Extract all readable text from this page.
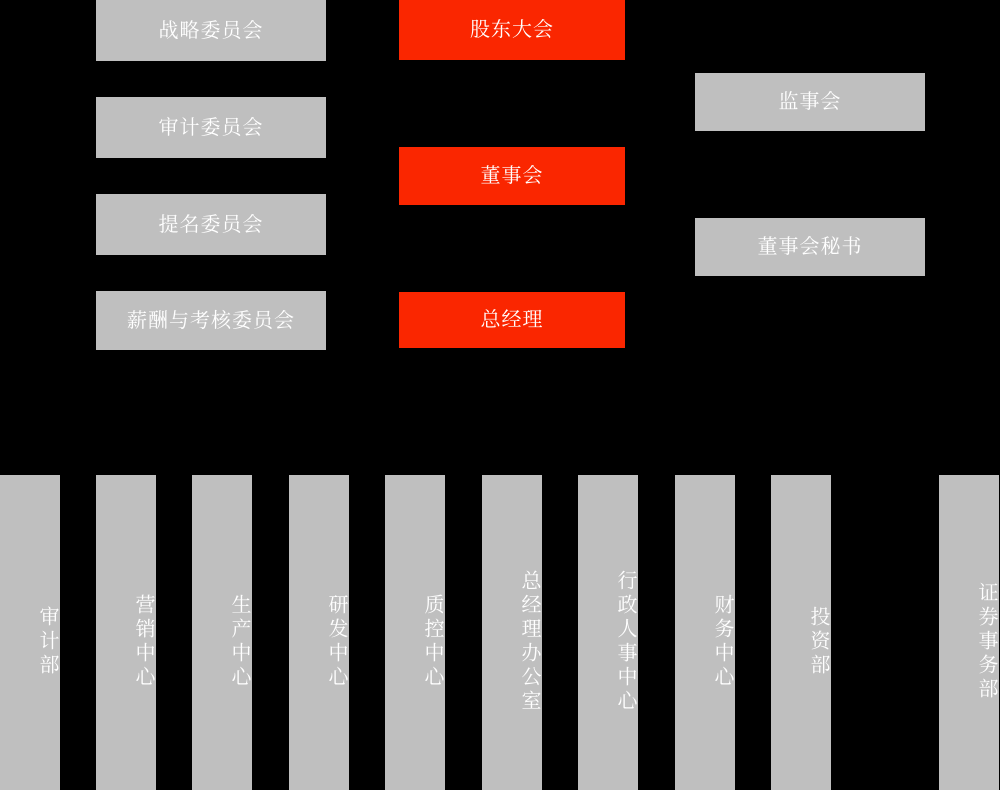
战略委员会
审计委员会
提名委员会
薪酬与考核委员会
股东大会
董事会
总经理
监事会
董事会秘书
审计部	营销中心	生产中心	研发中心	质控中心	总经理办公室	行政人事中心	财务中心	投资部	证券事务部
